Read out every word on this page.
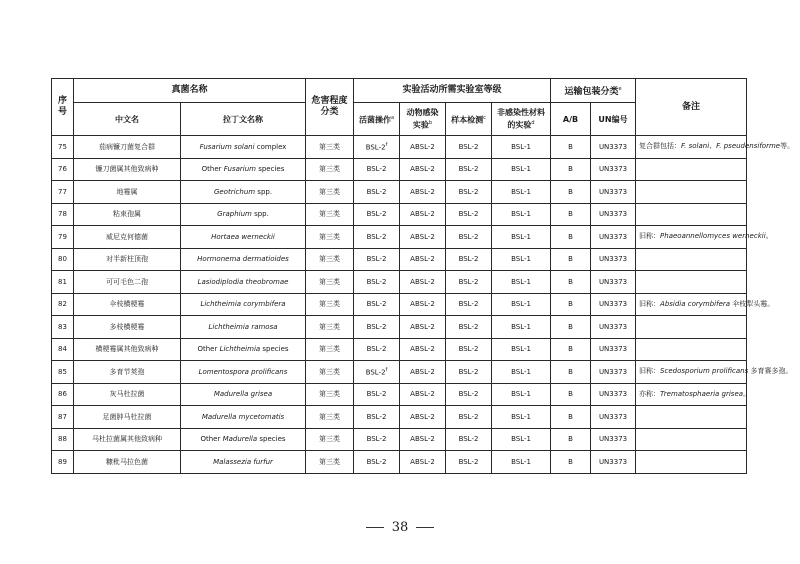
序号	真菌名称		危害程度分类	实验活动所需实验室等级				运输包装分类$^e$		备注
	中文名	拉丁文名称		活菌操作$^a$	动物感染实验$^b$	样本检测$^c$	非感染性材料的实验$^d$	A/B	UN编号	
75	茄病镰刀菌复合群	Fusarium solani complex	第三类	BSL-2$^f$	ABSL-2	BSL-2	BSL-1	B	UN3373	复合群包括：F. solani、F. pseudensiforme等。
76	镰刀菌属其他致病种	Other Fusarium species	第三类	BSL-2	ABSL-2	BSL-2	BSL-1	B	UN3373	
77	地霉属	Geotrichum spp.	第三类	BSL-2	ABSL-2	BSL-2	BSL-1	B	UN3373	
78	粘束孢属	Graphium spp.	第三类	BSL-2	ABSL-2	BSL-2	BSL-1	B	UN3373	
79	威尼克何德菌	Hortaea werneckii	第三类	BSL-2	ABSL-2	BSL-2	BSL-1	B	UN3373	旧称：Phaeoannellomyces werneckii。
80	对半新柱顶孢	Hormonema dermatioides	第三类	BSL-2	ABSL-2	BSL-2	BSL-1	B	UN3373	
81	可可毛色二孢	Lasiodiplodia theobromae	第三类	BSL-2	ABSL-2	BSL-2	BSL-1	B	UN3373	
82	伞枝横梗霉	Lichtheimia corymbifera	第三类	BSL-2	ABSL-2	BSL-2	BSL-1	B	UN3373	旧称：Absidia corymbifera 伞枝犁头霉。
83	多枝横梗霉	Lichtheimia ramosa	第三类	BSL-2	ABSL-2	BSL-2	BSL-1	B	UN3373	
84	横梗霉属其他致病种	Other Lichtheimia species	第三类	BSL-2	ABSL-2	BSL-2	BSL-1	B	UN3373	
85	多育节荚孢	Lomentospora prolificans	第三类	BSL-2$^f$	ABSL-2	BSL-2	BSL-1	B	UN3373	旧称：Scedosporium prolificans 多育赛多孢。
86	灰马杜拉菌	Madurella grisea	第三类	BSL-2	ABSL-2	BSL-2	BSL-1	B	UN3373	亦称：Trematosphaeria grisea。
87	足菌肿马杜拉菌	Madurella mycetomatis	第三类	BSL-2	ABSL-2	BSL-2	BSL-1	B	UN3373	
88	马杜拉菌属其他致病种	Other Madurella species	第三类	BSL-2	ABSL-2	BSL-2	BSL-1	B	UN3373	
89	糠秕马拉色菌	Malassezia furfur	第三类	BSL-2	ABSL-2	BSL-2	BSL-1	B	UN3373	
38
